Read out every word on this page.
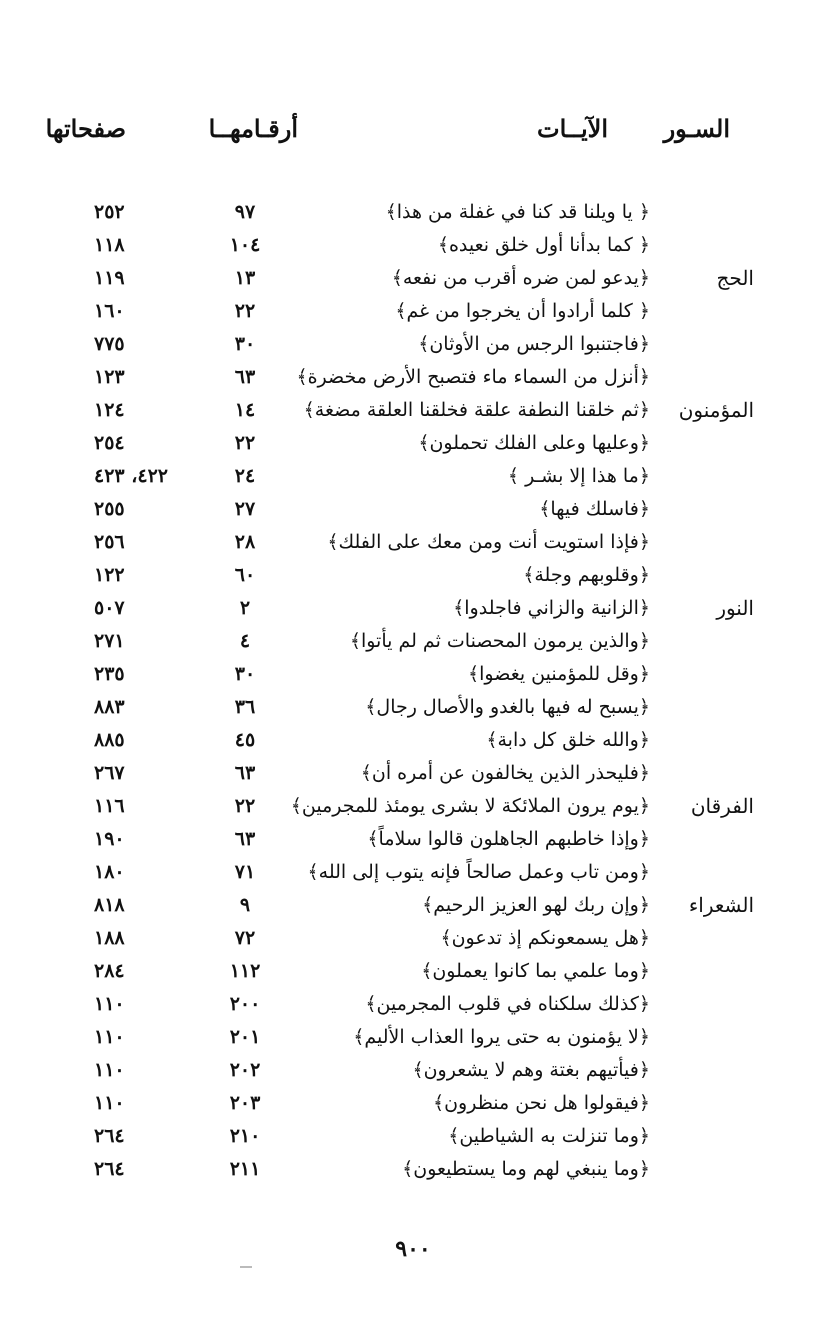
السـور
الآيــات
أرقـامهــا
صفحاتها
﴿ يا ويلنا قد كنا في غفلة من هذا﴾
٩٧
٢٥٢
﴿ كما بدأنا أول خلق نعيده﴾
١٠٤
١١٨
الحج
﴿يدعو لمن ضره أقرب من نفعه﴾
١٣
١١٩
﴿ كلما أرادوا أن يخرجوا من غم﴾
٢٢
١٦٠
﴿فاجتنبوا الرجس من الأوثان﴾
٣٠
٧٧٥
﴿أنزل من السماء ماء فتصبح الأرض مخضرة﴾
٦٣
١٢٣
المؤمنون
﴿ثم خلقنا النطفة علقة فخلقنا العلقة مضغة﴾
١٤
١٢٤
﴿وعليها وعلى الفلك تحملون﴾
٢٢
٢٥٤
﴿ما هذا إلا بشـر ﴾
٢٤
٤٢٢، ٤٢٣
﴿فاسلك فيها﴾
٢٧
٢٥٥
﴿فإذا استويت أنت ومن معك على الفلك﴾
٢٨
٢٥٦
﴿وقلوبهم وجلة﴾
٦٠
١٢٢
النور
﴿الزانية والزاني فاجلدوا﴾
٢
٥٠٧
﴿والذين يرمون المحصنات ثم لم يأتوا﴾
٤
٢٧١
﴿وقل للمؤمنين يغضوا﴾
٣٠
٢٣٥
﴿يسبح له فيها بالغدو والأصال رجال﴾
٣٦
٨٨٣
﴿والله خلق كل دابة﴾
٤٥
٨٨٥
﴿فليحذر الذين يخالفون عن أمره أن﴾
٦٣
٢٦٧
الفرقان
﴿يوم يرون الملائكة لا بشرى يومئذ للمجرمين﴾
٢٢
١١٦
﴿وإذا خاطبهم الجاهلون قالوا سلاماً﴾
٦٣
١٩٠
﴿ومن تاب وعمل صالحاً فإنه يتوب إلى الله﴾
٧١
١٨٠
الشعراء
﴿وإن ربك لهو العزيز الرحيم﴾
٩
٨١٨
﴿هل يسمعونكم إذ تدعون﴾
٧٢
١٨٨
﴿وما علمي بما كانوا يعملون﴾
١١٢
٢٨٤
﴿كذلك سلكناه في قلوب المجرمين﴾
٢٠٠
١١٠
﴿لا يؤمنون به حتى يروا العذاب الأليم﴾
٢٠١
١١٠
﴿فيأتيهم بغتة وهم لا يشعرون﴾
٢٠٢
١١٠
﴿فيقولوا هل نحن منظرون﴾
٢٠٣
١١٠
﴿وما تنزلت به الشياطين﴾
٢١٠
٢٦٤
﴿وما ينبغي لهم وما يستطيعون﴾
٢١١
٢٦٤
٩٠٠
